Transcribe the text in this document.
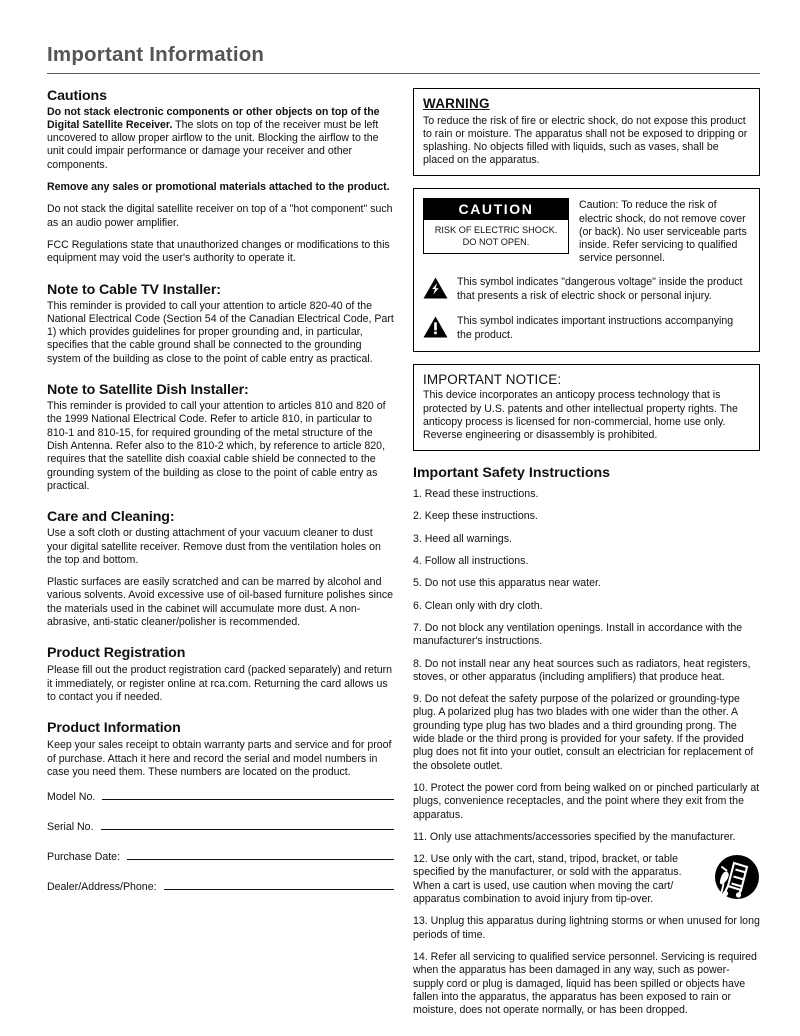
Important Information
Cautions

Do not stack electronic components or other objects on top of the Digital Satellite Receiver. The slots on top of the receiver must be left uncovered to allow proper airflow to the unit. Blocking the airflow to the unit could impair performance or damage your receiver and other components.

Remove any sales or promotional materials attached to the product.

Do not stack the digital satellite receiver on top of a "hot component" such as an audio power amplifier.

FCC Regulations state that unauthorized changes or modifications to this equipment may void the user's authority to operate it.

Note to Cable TV Installer:

This reminder is provided to call your attention to article 820-40 of the National Electrical Code (Section 54 of the Canadian Electrical Code, Part 1) which provides guidelines for proper grounding and, in particular, specifies that the cable ground shall be connected to the grounding system of the building as close to the point of cable entry as practical.

Note to Satellite Dish Installer:

This reminder is provided to call your attention to articles 810 and 820 of the 1999 National Electrical Code. Refer to article 810, in particular to 810-1 and 810-15, for required grounding of the metal structure of the Dish Antenna. Refer also to the 810-2 which, by reference to article 820, requires that the satellite dish coaxial cable shield be connected to the grounding system of the building as close to the point of cable entry as practical.

Care and Cleaning:

Use a soft cloth or dusting attachment of your vacuum cleaner to dust your digital satellite receiver. Remove dust from the ventilation holes on the top and bottom.

Plastic surfaces are easily scratched and can be marred by alcohol and various solvents. Avoid excessive use of oil-based furniture polishes since the materials used in the cabinet will accumulate more dust. A non-abrasive, anti-static cleaner/polisher is recommended.

Product Registration

Please fill out the product registration card (packed separately) and return it immediately, or register online at rca.com. Returning the card allows us to contact you if needed.

Product Information

Keep your sales receipt to obtain warranty parts and service and for proof of purchase. Attach it here and record the serial and model numbers in case you need them. These numbers are located on the product.

Model No.
Serial No.
Purchase Date:
Dealer/Address/Phone:
WARNING

To reduce the risk of fire or electric shock, do not expose this product to rain or moisture. The apparatus shall not be exposed to dripping or splashing. No objects filled with liquids, such as vases, shall be placed on the apparatus.

CAUTION
RISK OF ELECTRIC SHOCK.
DO NOT OPEN.
Caution: To reduce the risk of electric shock, do not remove cover (or back). No user serviceable parts inside. Refer servicing to qualified service personnel.
This symbol indicates "dangerous voltage" inside the product that presents a risk of electric shock or personal injury.
This symbol indicates important instructions accompanying the product.
IMPORTANT NOTICE:

This device incorporates an anticopy process technology that is protected by U.S. patents and other intellectual property rights. The anticopy process is licensed for non-commercial, home use only. Reverse engineering or disassembly is prohibited.

Important Safety Instructions

1. Read these instructions.

2. Keep these instructions.

3. Heed all warnings.

4. Follow all instructions.

5. Do not use this apparatus near water.

6. Clean only with dry cloth.

7. Do not block any ventilation openings. Install in accordance with the manufacturer's instructions.

8. Do not install near any heat sources such as radiators, heat registers, stoves, or other apparatus (including amplifiers) that produce heat.

9. Do not defeat the safety purpose of the polarized or grounding-type plug. A polarized plug has two blades with one wider than the other. A grounding type plug has two blades and a third grounding prong. The wide blade or the third prong is provided for your safety. If the provided plug does not fit into your outlet, consult an electrician for replacement of the obsolete outlet.

10. Protect the power cord from being walked on or pinched particularly at plugs, convenience receptacles, and the point where they exit from the apparatus.

11. Only use attachments/accessories specified by the manufacturer.

12. Use only with the cart, stand, tripod, bracket, or table specified by the manufacturer, or sold with the apparatus. When a cart is used, use caution when moving the cart/ apparatus combination to avoid injury from tip-over.

13. Unplug this apparatus during lightning storms or when unused for long periods of time.

14. Refer all servicing to qualified service personnel. Servicing is required when the apparatus has been damaged in any way, such as power-supply cord or plug is damaged, liquid has been spilled or objects have fallen into the apparatus, the apparatus has been exposed to rain or moisture, does not operate normally, or has been dropped.
